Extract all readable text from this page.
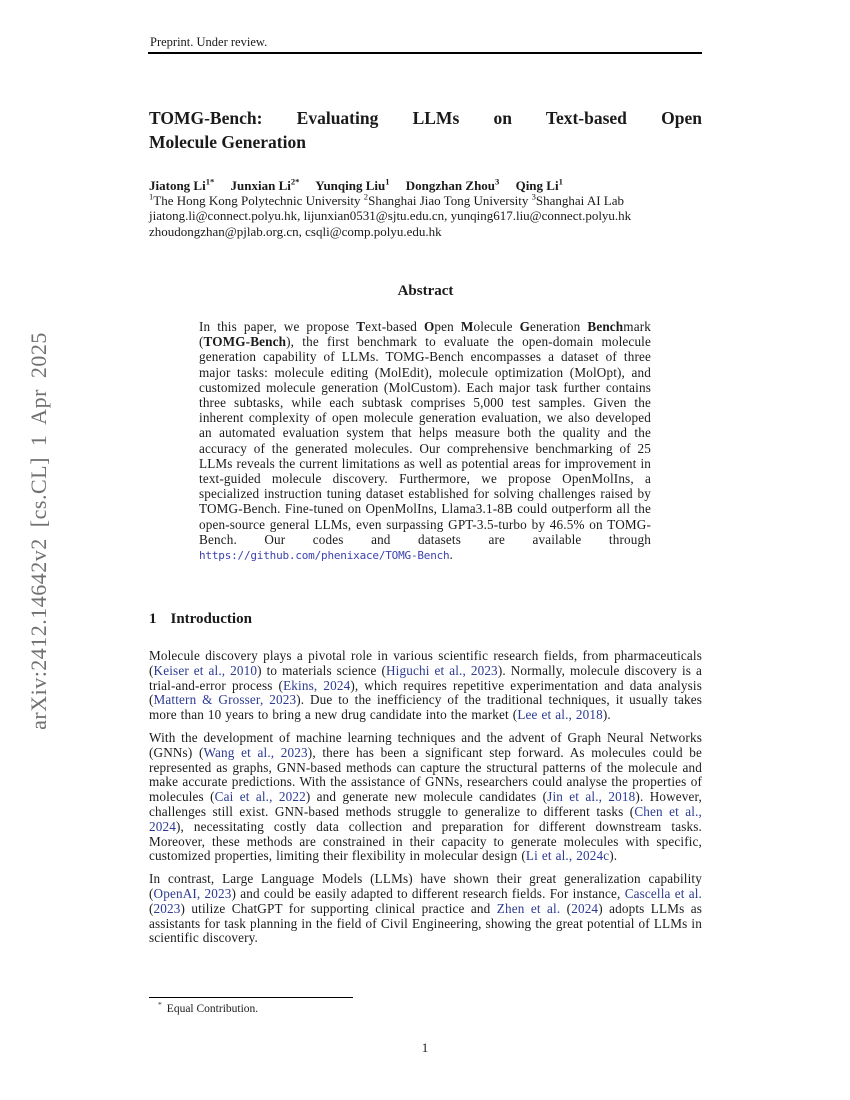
arXiv:2412.14642v2 [cs.CL] 1 Apr 2025
Preprint. Under review.
TOMG-Bench: Evaluating LLMs on Text-based Open
Molecule Generation
Jiatong $Li^{1*}$ Junxian $Li^{2*}$ Yunqing Liu$^1$ Dongzhan Zhou$^3$ Qing Li$^1$
$^1$The Hong Kong Polytechnic University $^2$Shanghai Jiao Tong University $^3$Shanghai AI Lab
jiatong.li@connect.polyu.hk, lijunxian0531@sjtu.edu.cn, yunqing617.liu@connect.polyu.hk
zhoudongzhan@pjlab.org.cn, csqli@comp.polyu.edu.hk
Abstract

In this paper, we propose Text-based Open Molecule Generation Benchmark (TOMG-Bench), the first benchmark to evaluate the open-domain molecule generation capability of LLMs. TOMG-Bench encompasses a dataset of three major tasks: molecule editing (MolEdit), molecule optimization (MolOpt), and customized molecule generation (MolCustom). Each major task further contains three subtasks, while each subtask comprises 5,000 test samples. Given the inherent complexity of open molecule generation evaluation, we also developed an automated evaluation system that helps measure both the quality and the accuracy of the generated molecules. Our comprehensive benchmarking of 25 LLMs reveals the current limitations as well as potential areas for improvement in text-guided molecule discovery. Furthermore, we propose OpenMolIns, a specialized instruction tuning dataset established for solving challenges raised by TOMG-Bench. Fine-tuned on OpenMolIns, Llama3.1-8B could outperform all the open-source general LLMs, even surpassing GPT-3.5-turbo by 46.5% on TOMG-Bench. Our codes and datasets are available through https://github.com/phenixace/TOMG-Bench.

1 Introduction

Molecule discovery plays a pivotal role in various scientific research fields, from pharmaceuticals (Keiser et al., 2010) to materials science (Higuchi et al., 2023). Normally, molecule discovery is a trial-and-error process (Ekins, 2024), which requires repetitive experimentation and data analysis (Mattern & Grosser, 2023). Due to the inefficiency of the traditional techniques, it usually takes more than 10 years to bring a new drug candidate into the market (Lee et al., 2018).

With the development of machine learning techniques and the advent of Graph Neural Networks (GNNs) (Wang et al., 2023), there has been a significant step forward. As molecules could be represented as graphs, GNN-based methods can capture the structural patterns of the molecule and make accurate predictions. With the assistance of GNNs, researchers could analyse the properties of molecules (Cai et al., 2022) and generate new molecule candidates (Jin et al., 2018). However, challenges still exist. GNN-based methods struggle to generalize to different tasks (Chen et al., 2024), necessitating costly data collection and preparation for different downstream tasks. Moreover, these methods are constrained in their capacity to generate molecules with specific, customized properties, limiting their flexibility in molecular design (Li et al., 2024c).

In contrast, Large Language Models (LLMs) have shown their great generalization capability (OpenAI, 2023) and could be easily adapted to different research fields. For instance, Cascella et al. (2023) utilize ChatGPT for supporting clinical practice and Zhen et al. (2024) adopts LLMs as assistants for task planning in the field of Civil Engineering, showing the great potential of LLMs in scientific discovery.

* Equal Contribution.
1
